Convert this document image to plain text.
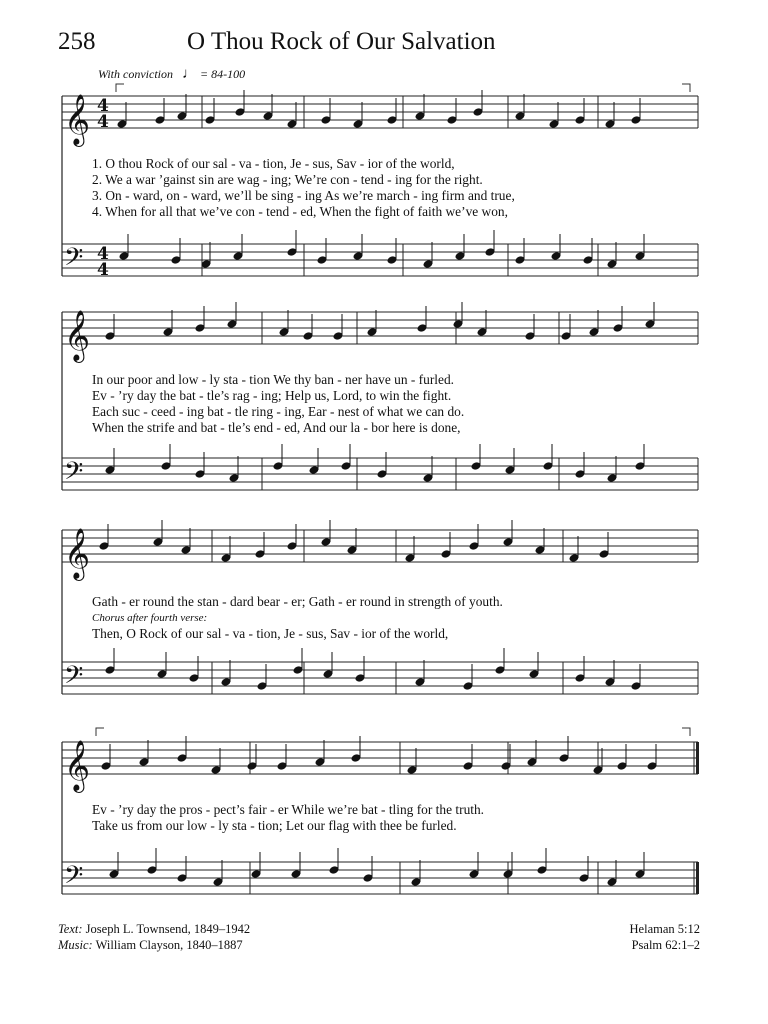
258	O Thou Rock of Our Salvation
With conviction ♩ = 84-100
𝄞 4
4
𝄢 4
4
𝄞
𝄢
𝄞
𝄢
𝄞
𝄢
1. O thou Rock of our sal - va - tion, Je - sus, Sav - ior of the world,
2. We a war ’gainst sin are wag - ing; We’re con - tend - ing for the right.
3. On - ward, on - ward, we’ll be sing - ing As we’re march - ing firm and true,
4. When for all that we’ve con - tend - ed, When the fight of faith we’ve won,
In our poor and low - ly sta - tion We thy ban - ner have un - furled.
Ev - ’ry day the bat - tle’s rag - ing; Help us, Lord, to win the fight.
Each suc - ceed - ing bat - tle ring - ing, Ear - nest of what we can do.
When the strife and bat - tle’s end - ed, And our la - bor here is done,
Gath - er round the stan - dard bear - er; Gath - er round in strength of youth.
Chorus after fourth verse:
Then, O Rock of our sal - va - tion, Je - sus, Sav - ior of the world,
Ev - ’ry day the pros - pect’s fair - er While we’re bat - tling for the truth.
Take us from our low - ly sta - tion; Let our flag with thee be furled.
Text: Joseph L. Townsend, 1849–1942
Music: William Clayson, 1840–1887
Helaman 5:12
Psalm 62:1–2
